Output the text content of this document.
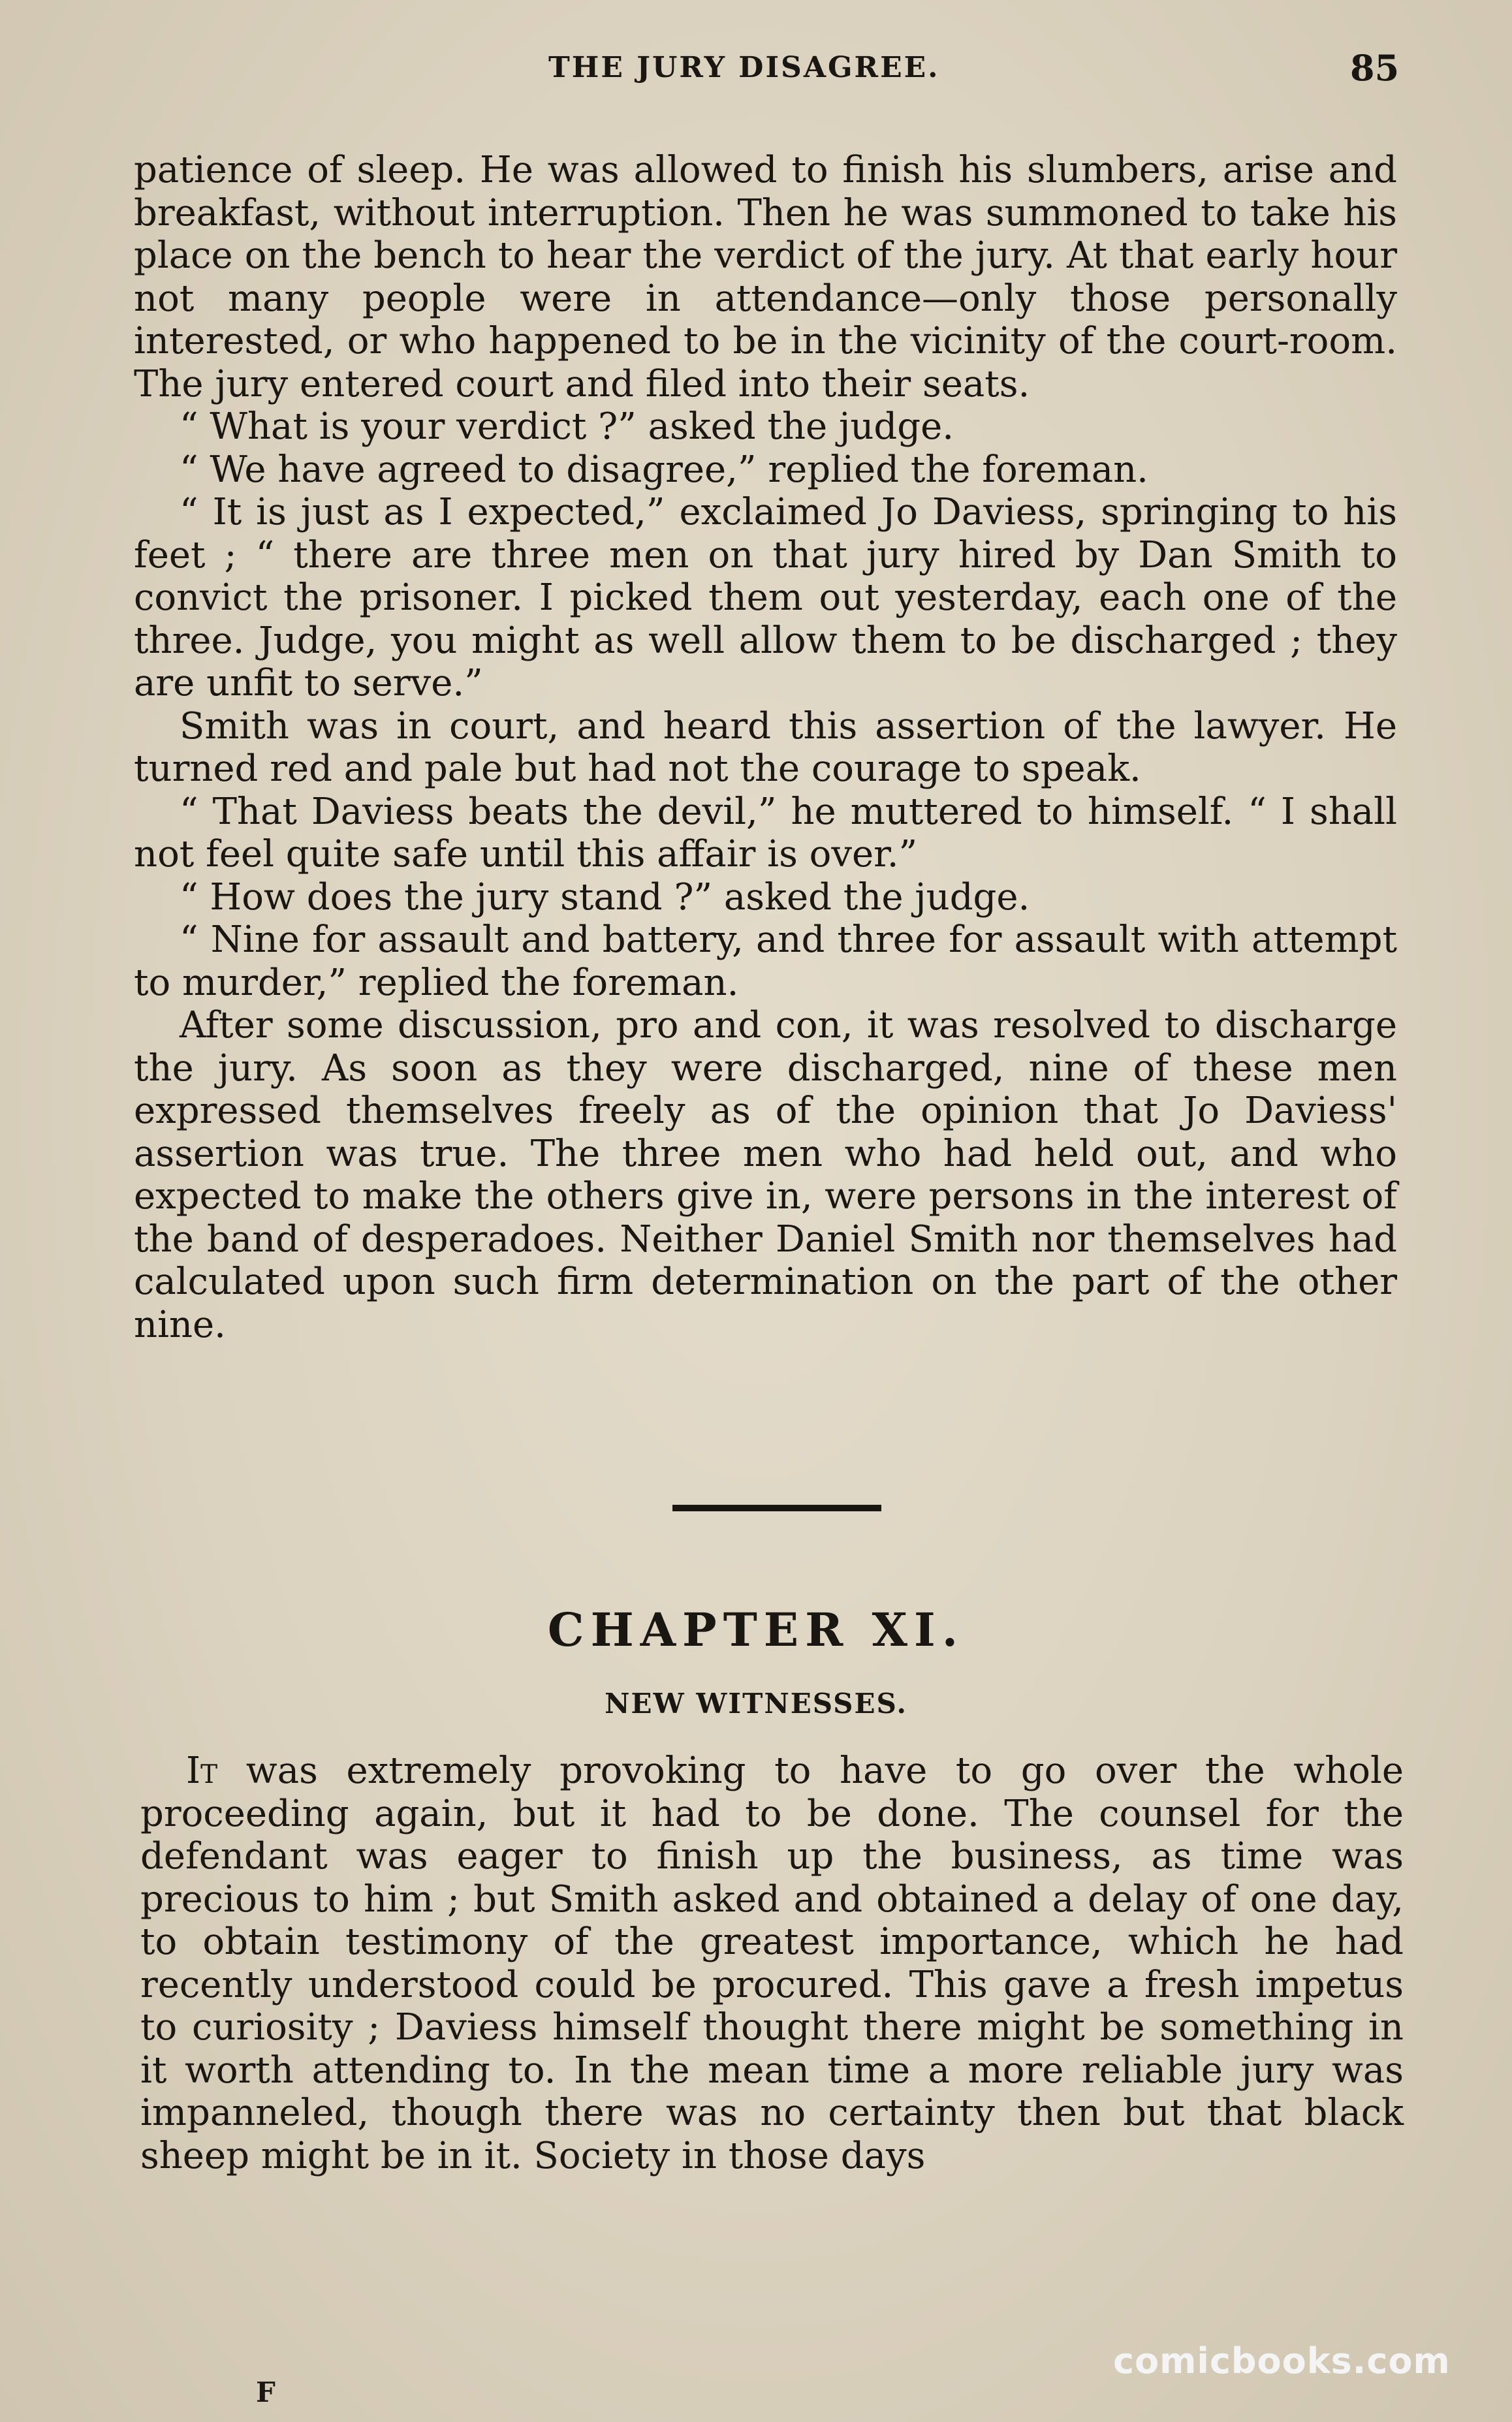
THE JURY DISAGREE.	85

patience of sleep. He was allowed to finish his slumbers, arise and breakfast, without interruption. Then he was summoned to take his place on the bench to hear the verdict of the jury. At that early hour not many people were in attendance—only those personally interested, or who happened to be in the vicinity of the court-room. The jury entered court and filed into their seats.

“ What is your verdict ?” asked the judge.

“ We have agreed to disagree,” replied the foreman.

“ It is just as I expected,” exclaimed Jo Daviess, springing to his feet ; “ there are three men on that jury hired by Dan Smith to convict the prisoner. I picked them out yesterday, each one of the three. Judge, you might as well allow them to be discharged ; they are unfit to serve.”

Smith was in court, and heard this assertion of the lawyer. He turned red and pale but had not the courage to speak.

“ That Daviess beats the devil,” he muttered to himself. “ I shall not feel quite safe until this affair is over.”

“ How does the jury stand ?” asked the judge.

“ Nine for assault and battery, and three for assault with attempt to murder,” replied the foreman.

After some discussion, pro and con, it was resolved to discharge the jury. As soon as they were discharged, nine of these men expressed themselves freely as of the opinion that Jo Daviess' assertion was true. The three men who had held out, and who expected to make the others give in, were persons in the interest of the band of desperadoes. Neither Daniel Smith nor themselves had calculated upon such firm determination on the part of the other nine.

CHAPTER XI.
NEW WITNESSES.

It was extremely provoking to have to go over the whole proceeding again, but it had to be done. The counsel for the defendant was eager to finish up the business, as time was precious to him ; but Smith asked and obtained a delay of one day, to obtain testimony of the greatest importance, which he had recently understood could be procured. This gave a fresh impetus to curiosity ; Daviess himself thought there might be something in it worth attending to. In the mean time a more reliable jury was impanneled, though there was no certainty then but that black sheep might be in it. Society in those days

F
comicbooks.com
